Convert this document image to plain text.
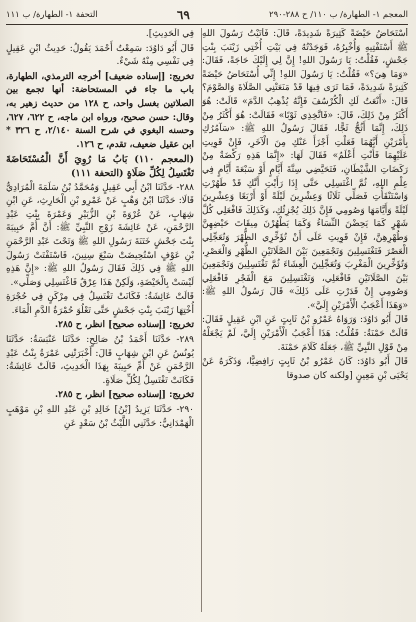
المعجم ١- الطهارة/ ب ١١٠/ ح ٢٨٨-٢٩٠
٦٩
التحفة ١- الطهارة/ ب ١١١

أَسْتَحَاضُ حَيْضَةً كَثِيرَةً شَدِيدَةً، قَالَ: فَأَتَيْتُ رَسُولَ اللهِ ﷺ أَسْتَفْتِيهِ وَأُخْبِرُهُ، فَوَجَدْتُهُ فِي بَيْتِ أُخْتِي زَيْنَبَ بِنْتِ جَحْشٍ، فَقُلْتُ: يَا رَسُولَ اللهِ! إِنَّ لِي إِلَيْكَ حَاجَةً، فَقَالَ: «وَمَا هِيَ؟» فَقُلْتُ: يَا رَسُولَ اللهِ! إِنِّي أُسْتَحَاضُ حَيْضَةً كَثِيرَةً شَدِيدَةً، فَمَا تَرَى فِيهَا قَدْ مَنَعَتْنِي الصَّلَاةَ وَالصَّوْمَ؟ قَالَ: «أَنْعَتُ لَكِ الْكُرْسُفَ فَإِنَّهُ يُذْهِبُ الدَّمَ» قَالَتْ: هُوَ أَكْثَرُ مِنْ ذَلِكَ، قَالَ: «فَاتَّخِذِي ثَوْبًا» فَقَالَتْ: هُوَ أَكْثَرُ مِنْ ذَلِكَ، إِنَّمَا أَثُجُّ ثَجًّا، فَقَالَ رَسُولُ اللهِ ﷺ: «سَآمُرُكِ بِأَمْرَيْنِ أَيَّهُمَا فَعَلْتِ أَجْزَأَ عَنْكِ مِنَ الْآخَرِ، فَإِنْ قَوِيتِ عَلَيْهِمَا فَأَنْتِ أَعْلَمُ» فَقَالَ لَهَا: «إِنَّمَا هَذِهِ رَكْضَةٌ مِنْ رَكَضَاتِ الشَّيْطَانِ، فَتَحَيَّضِي سِتَّةَ أَيَّامٍ أَوْ سَبْعَةَ أَيَّامٍ فِي عِلْمِ اللهِ، ثُمَّ اغْتَسِلِي حَتَّى إِذَا رَأَيْتِ أَنَّكِ قَدْ طَهُرْتِ وَاسْتَنْقَأْتِ فَصَلِّي ثَلَاثًا وَعِشْرِينَ لَيْلَةً أَوْ أَرْبَعًا وَعِشْرِينَ لَيْلَةً وَأَيَّامَهَا وَصُومِي فَإِنَّ ذَلِكَ يُجْزِئُكِ، وَكَذَلِكَ فَافْعَلِي كُلَّ شَهْرٍ كَمَا يَحِضْنَ النِّسَاءُ وَكَمَا يَطْهُرْنَ مِيقَاتَ حَيْضِهِنَّ وَطُهْرِهِنَّ، فَإِنْ قَوِيتِ عَلَى أَنْ تُؤَخِّرِي الظُّهْرَ وَتُعَجِّلِي الْعَصْرَ فَتَغْتَسِلِينَ وَتَجْمَعِينَ بَيْنَ الصَّلَاتَيْنِ الظُّهْرِ وَالْعَصْرِ، وَتُؤَخِّرِينَ الْمَغْرِبَ وَتُعَجِّلِينَ الْعِشَاءَ ثُمَّ تَغْتَسِلِينَ وَتَجْمَعِينَ بَيْنَ الصَّلَاتَيْنِ فَافْعَلِي، وَتَغْتَسِلِينَ مَعَ الْفَجْرِ فَافْعَلِي وَصُومِي إِنْ قَدَرْتِ عَلَى ذَلِكَ» قَالَ رَسُولُ اللهِ ﷺ: «وَهَذَا أَعْجَبُ الْأَمْرَيْنِ إِلَيَّ».

قَالَ أَبُو دَاوُدَ: وَرَوَاهُ عَمْرُو بْنُ ثَابِتٍ عَنِ ابْنِ عَقِيلٍ فَقَالَ: قَالَتْ حَمْنَةُ: فَقُلْتُ: هَذَا أَعْجَبُ الْأَمْرَيْنِ إِلَيَّ، لَمْ يَجْعَلْهُ مِنْ قَوْلِ النَّبِيِّ ﷺ، جَعَلَهُ كَلَامَ حَمْنَةَ.

قَالَ أَبُو دَاوُدَ: كَانَ عَمْرُو بْنُ ثَابِتٍ رَافِضِيًّا، وَذَكَرَهُ عَنْ يَحْيَى بْنِ مَعِينٍ [ولكنه كان صدوقا

فِي الْحَدِيثِ].

قَالَ أَبُو دَاوُدَ: سَمِعْتُ أَحْمَدَ يَقُولُ: حَدِيثُ ابْنِ عَقِيلٍ فِي نَفْسِي مِنْهُ شَيْءٌ.

تخريج: [إسناده ضعيف] أخرجه الترمذي، الطهارة، باب ما جاء في المستحاضة: أنها تجمع بين الصلاتين بغسل واحد، ح ١٢٨ من حديث زهير به، وقال: حسن صحيح، ورواه ابن ماجه، ح ٦٢٢، ٦٢٧، وحسنه البغوي في شرح السنة ٢/١٤٠، ح ٣٢٦ * ابن عقيل ضعيف، تقدم، ح ١٢٦.

(المعجم ١١٠) بَابُ مَا رُوِيَ أَنَّ الْمُسْتَحَاضَةَ تَغْتَسِلُ لِكُلِّ صَلَاةٍ (التحفة ١١١)

٢٨٨- حَدَّثَنَا ابْنُ أَبِي عَقِيلٍ وَمُحَمَّدُ بْنُ سَلَمَةَ الْمُرَادِيُّ قَالَا: حَدَّثَنَا ابْنُ وَهْبٍ عَنْ عَمْرِو بْنِ الْحَارِثِ، عَنِ ابْنِ شِهَابٍ، عَنْ عُرْوَةَ بْنِ الزُّبَيْرِ وَعَمْرَةَ بِنْتِ عَبْدِ الرَّحْمَنِ، عَنْ عَائِشَةَ زَوْجِ النَّبِيِّ ﷺ: أَنَّ أُمَّ حَبِيبَةَ بِنْتَ جَحْشٍ خَتَنَةَ رَسُولِ اللهِ ﷺ وَتَحْتَ عَبْدِ الرَّحْمَنِ بْنِ عَوْفٍ اسْتُحِيضَتْ سَبْعَ سِنِينَ، فَاسْتَفْتَتْ رَسُولَ اللهِ ﷺ فِي ذَلِكَ فَقَالَ رَسُولُ اللهِ ﷺ: «إِنَّ هَذِهِ لَيْسَتْ بِالْحَيْضَةِ، وَلَكِنْ هَذَا عِرْقٌ فَاغْتَسِلِي وَصَلِّي».

قَالَتْ عَائِشَةُ: فَكَانَتْ تَغْتَسِلُ فِي مِرْكَنٍ فِي حُجْرَةِ أُخْتِهَا زَيْنَبَ بِنْتِ جَحْشٍ حَتَّى تَعْلُوَ حُمْرَةُ الدَّمِ الْمَاءَ.

تخريج: [إسناده صحيح] انظر، ح ٢٨٥.

٢٨٩- حَدَّثَنَا أَحْمَدُ بْنُ صَالِحٍ: حَدَّثَنَا عَنْبَسَةُ: حَدَّثَنَا يُونُسُ عَنِ ابْنِ شِهَابٍ قَالَ: أَخْبَرَتْنِي عَمْرَةُ بِنْتُ عَبْدِ الرَّحْمَنِ عَنْ أُمِّ حَبِيبَةَ بِهَذَا الْحَدِيثِ، قَالَتْ عَائِشَةُ: فَكَانَتْ تَغْتَسِلُ لِكُلِّ صَلَاةٍ.

تخريج: [إسناده صحيح] انظر، ح ٢٨٥.

٢٩٠- حَدَّثَنَا يَزِيدُ [بْنُ] خَالِدِ بْنِ عَبْدِ اللهِ بْنِ مَوْهَبٍ الْهَمْدَانِيُّ: حَدَّثَنِي اللَّيْثُ بْنُ سَعْدٍ عَنِ
